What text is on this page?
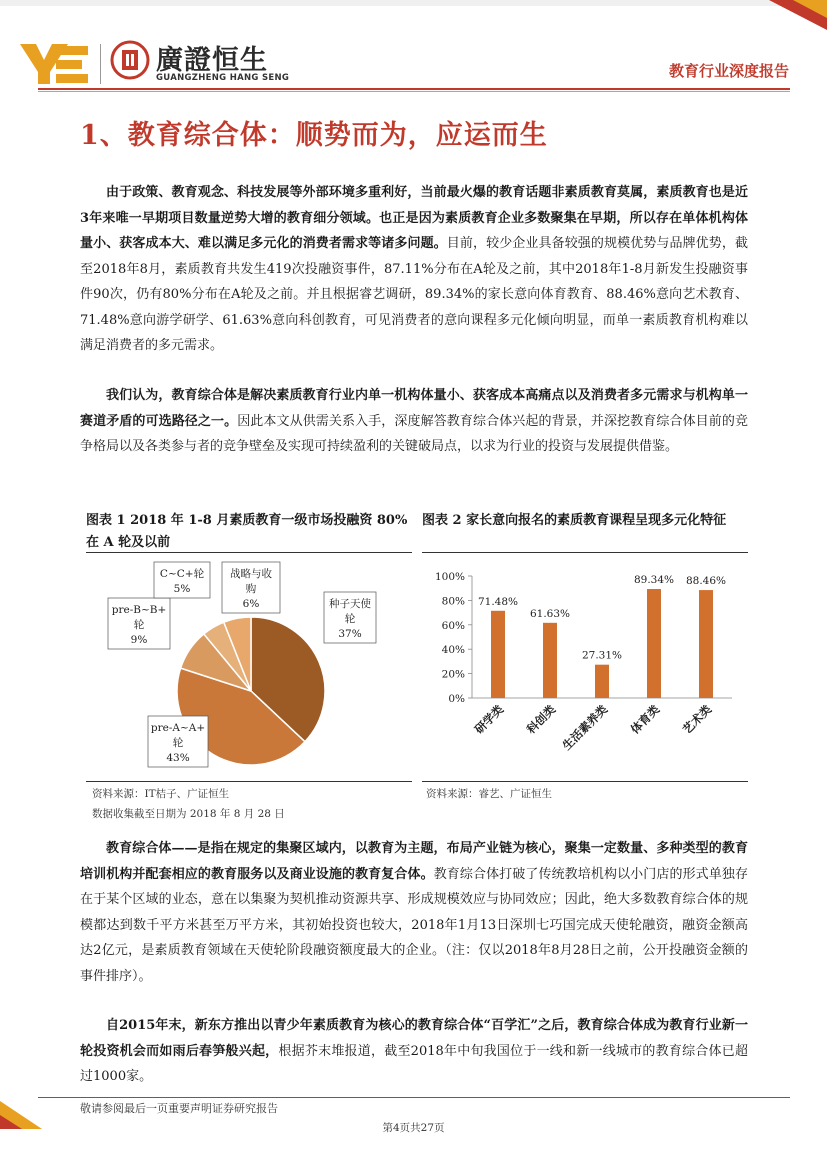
廣證恒生
GUANGZHENG HANG SENG	教育行业深度报告
1、教育综合体：顺势而为，应运而生

由于政策、教育观念、科技发展等外部环境多重利好，当前最火爆的教育话题非素质教育莫属，素质教育也是近3年来唯一早期项目数量逆势大增的教育细分领域。也正是因为素质教育企业多数聚集在早期，所以存在单体机构体量小、获客成本大、难以满足多元化的消费者需求等诸多问题。目前，较少企业具备较强的规模优势与品牌优势，截至2018年8月，素质教育共发生419次投融资事件，87.11%分布在A轮及之前，其中2018年1-8月新发生投融资事件90次，仍有80%分布在A轮及之前。并且根据睿艺调研，89.34%的家长意向体育教育、88.46%意向艺术教育、71.48%意向游学研学、61.63%意向科创教育，可见消费者的意向课程多元化倾向明显，而单一素质教育机构难以满足消费者的多元需求。

我们认为，教育综合体是解决素质教育行业内单一机构体量小、获客成本高痛点以及消费者多元需求与机构单一赛道矛盾的可选路径之一。因此本文从供需关系入手，深度解答教育综合体兴起的背景，并深挖教育综合体目前的竞争格局以及各类参与者的竞争壁垒及实现可持续盈利的关键破局点，以求为行业的投资与发展提供借鉴。

图表 1 2018 年 1-8 月素质教育一级市场投融资 80%在 A 轮及以前

图表 2 家长意向报名的素质教育课程呈现多元化特征

种子天使
轮
37%
pre-A~A+
轮
43%
pre-B~B+
轮
9%
C~C+轮
5%
战略与收
购
6%
0%
20%
40%
60%
80%
100%
71.48%
研学类
61.63%
科创类
27.31%
生活素养类
89.34%
体育类
88.46%
艺术类
资料来源：IT桔子、广证恒生
数据收集截至日期为 2018 年 8 月 28 日
资料来源：睿艺、广证恒生

教育综合体——是指在规定的集聚区域内，以教育为主题，布局产业链为核心，聚集一定数量、多种类型的教育培训机构并配套相应的教育服务以及商业设施的教育复合体。教育综合体打破了传统教培机构以小门店的形式单独存在于某个区域的业态，意在以集聚为契机推动资源共享、形成规模效应与协同效应；因此，绝大多数教育综合体的规模都达到数千平方米甚至万平方米，其初始投资也较大，2018年1月13日深圳七巧国完成天使轮融资，融资金额高达2亿元，是素质教育领域在天使轮阶段融资额度最大的企业。（注：仅以2018年8月28日之前，公开投融资金额的事件排序）。

自2015年末，新东方推出以青少年素质教育为核心的教育综合体“百学汇”之后，教育综合体成为教育行业新一轮投资机会而如雨后春笋般兴起，根据芥末堆报道，截至2018年中旬我国位于一线和新一线城市的教育综合体已超过1000家。

敬请参阅最后一页重要声明证券研究报告
第4页共27页
